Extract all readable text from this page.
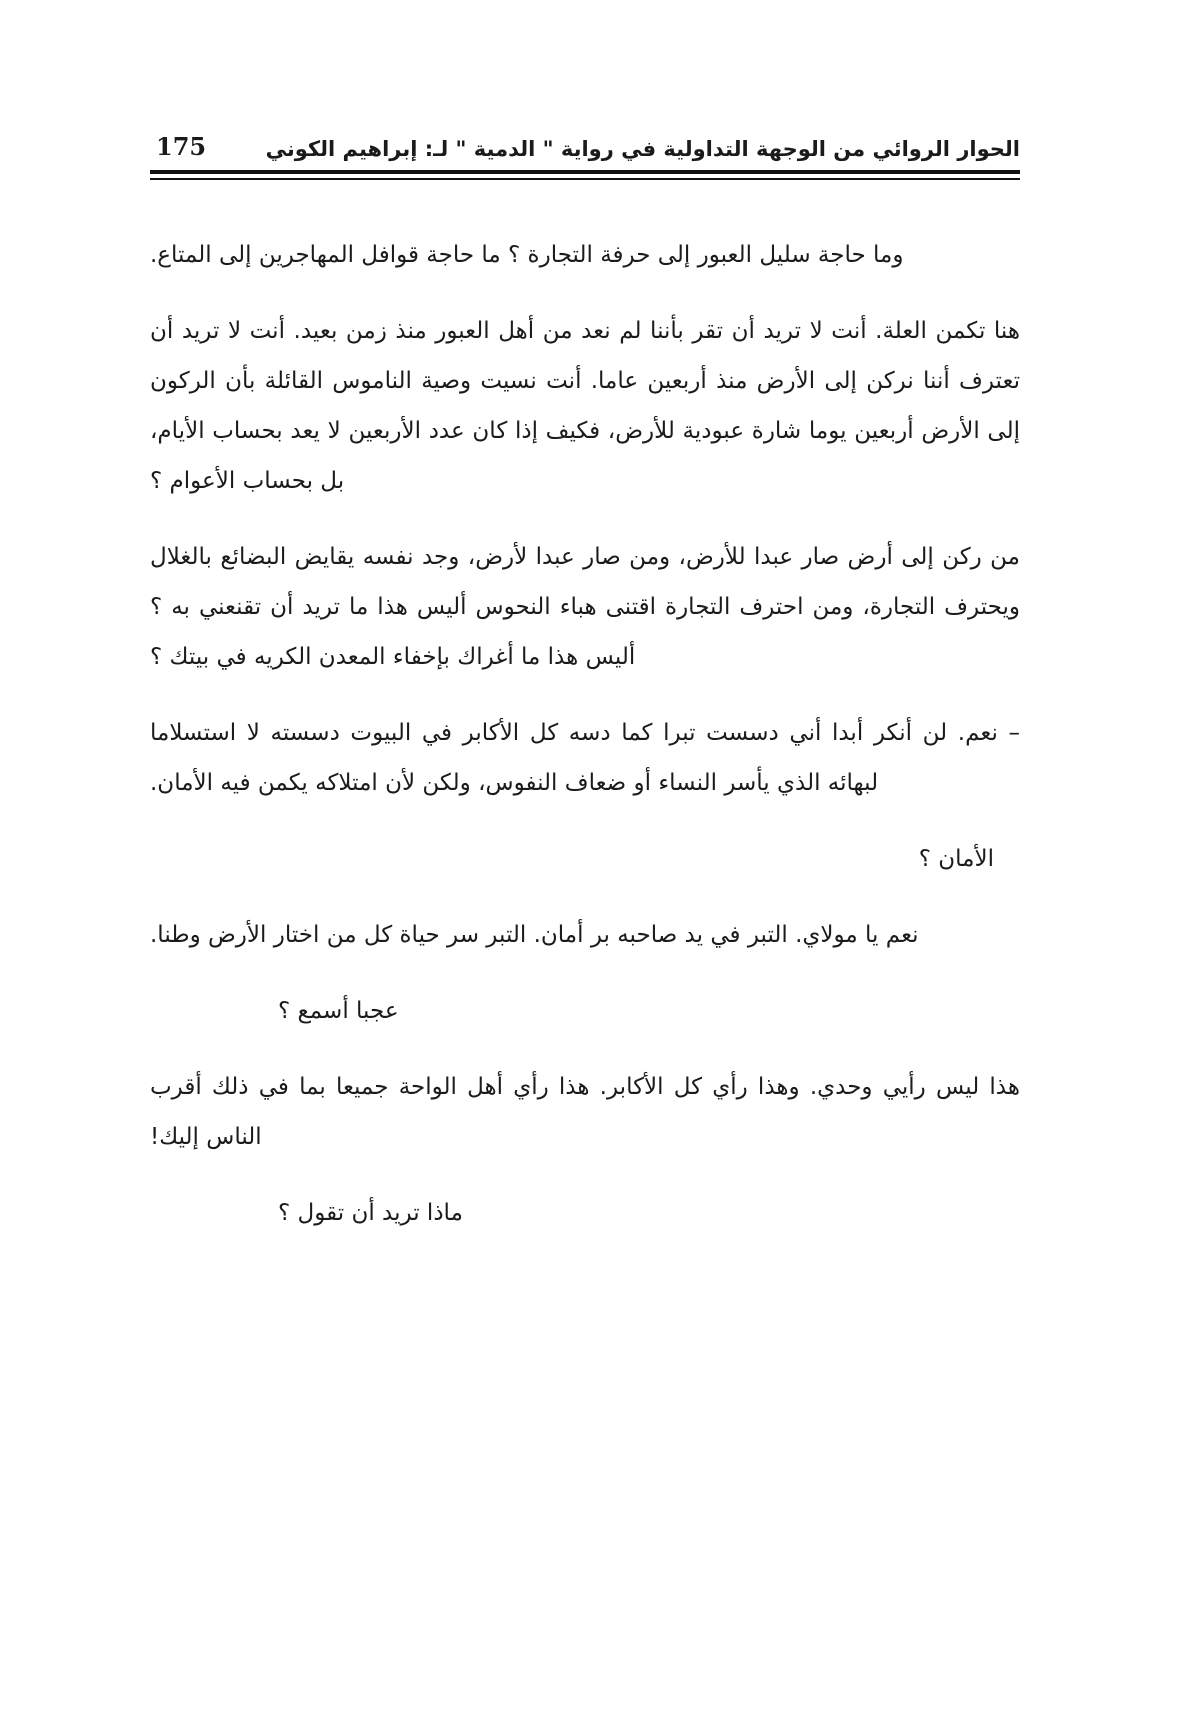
الحوار الروائي من الوجهة التداولية في رواية " الدمية " لـ: إبراهيم الكوني
175

وما حاجة سليل العبور إلى حرفة التجارة ؟ ما حاجة قوافل المهاجرين إلى المتاع.

هنا تكمن العلة. أنت لا تريد أن تقر بأننا لم نعد من أهل العبور منذ زمن بعيد. أنت لا تريد أن تعترف أننا نركن إلى الأرض منذ أربعين عاما. أنت نسيت وصية الناموس القائلة بأن الركون إلى الأرض أربعين يوما شارة عبودية للأرض، فكيف إذا كان عدد الأربعين لا يعد بحساب الأيام، بل بحساب الأعوام ؟

من ركن إلى أرض صار عبدا للأرض، ومن صار عبدا لأرض، وجد نفسه يقايض البضائع بالغلال ويحترف التجارة، ومن احترف التجارة اقتنى هباء النحوس أليس هذا ما تريد أن تقنعني به ؟ أليس هذا ما أغراك بإخفاء المعدن الكريه في بيتك ؟

– نعم. لن أنكر أبدا أني دسست تبرا كما دسه كل الأكابر في البيوت دسسته لا استسلاما لبهائه الذي يأسر النساء أو ضعاف النفوس، ولكن لأن امتلاكه يكمن فيه الأمان.

الأمان ؟

نعم يا مولاي. التبر في يد صاحبه بر أمان. التبر سر حياة كل من اختار الأرض وطنا.

عجبا أسمع ؟

هذا ليس رأيي وحدي. وهذا رأي كل الأكابر. هذا رأي أهل الواحة جميعا بما في ذلك أقرب الناس إليك!

ماذا تريد أن تقول ؟
